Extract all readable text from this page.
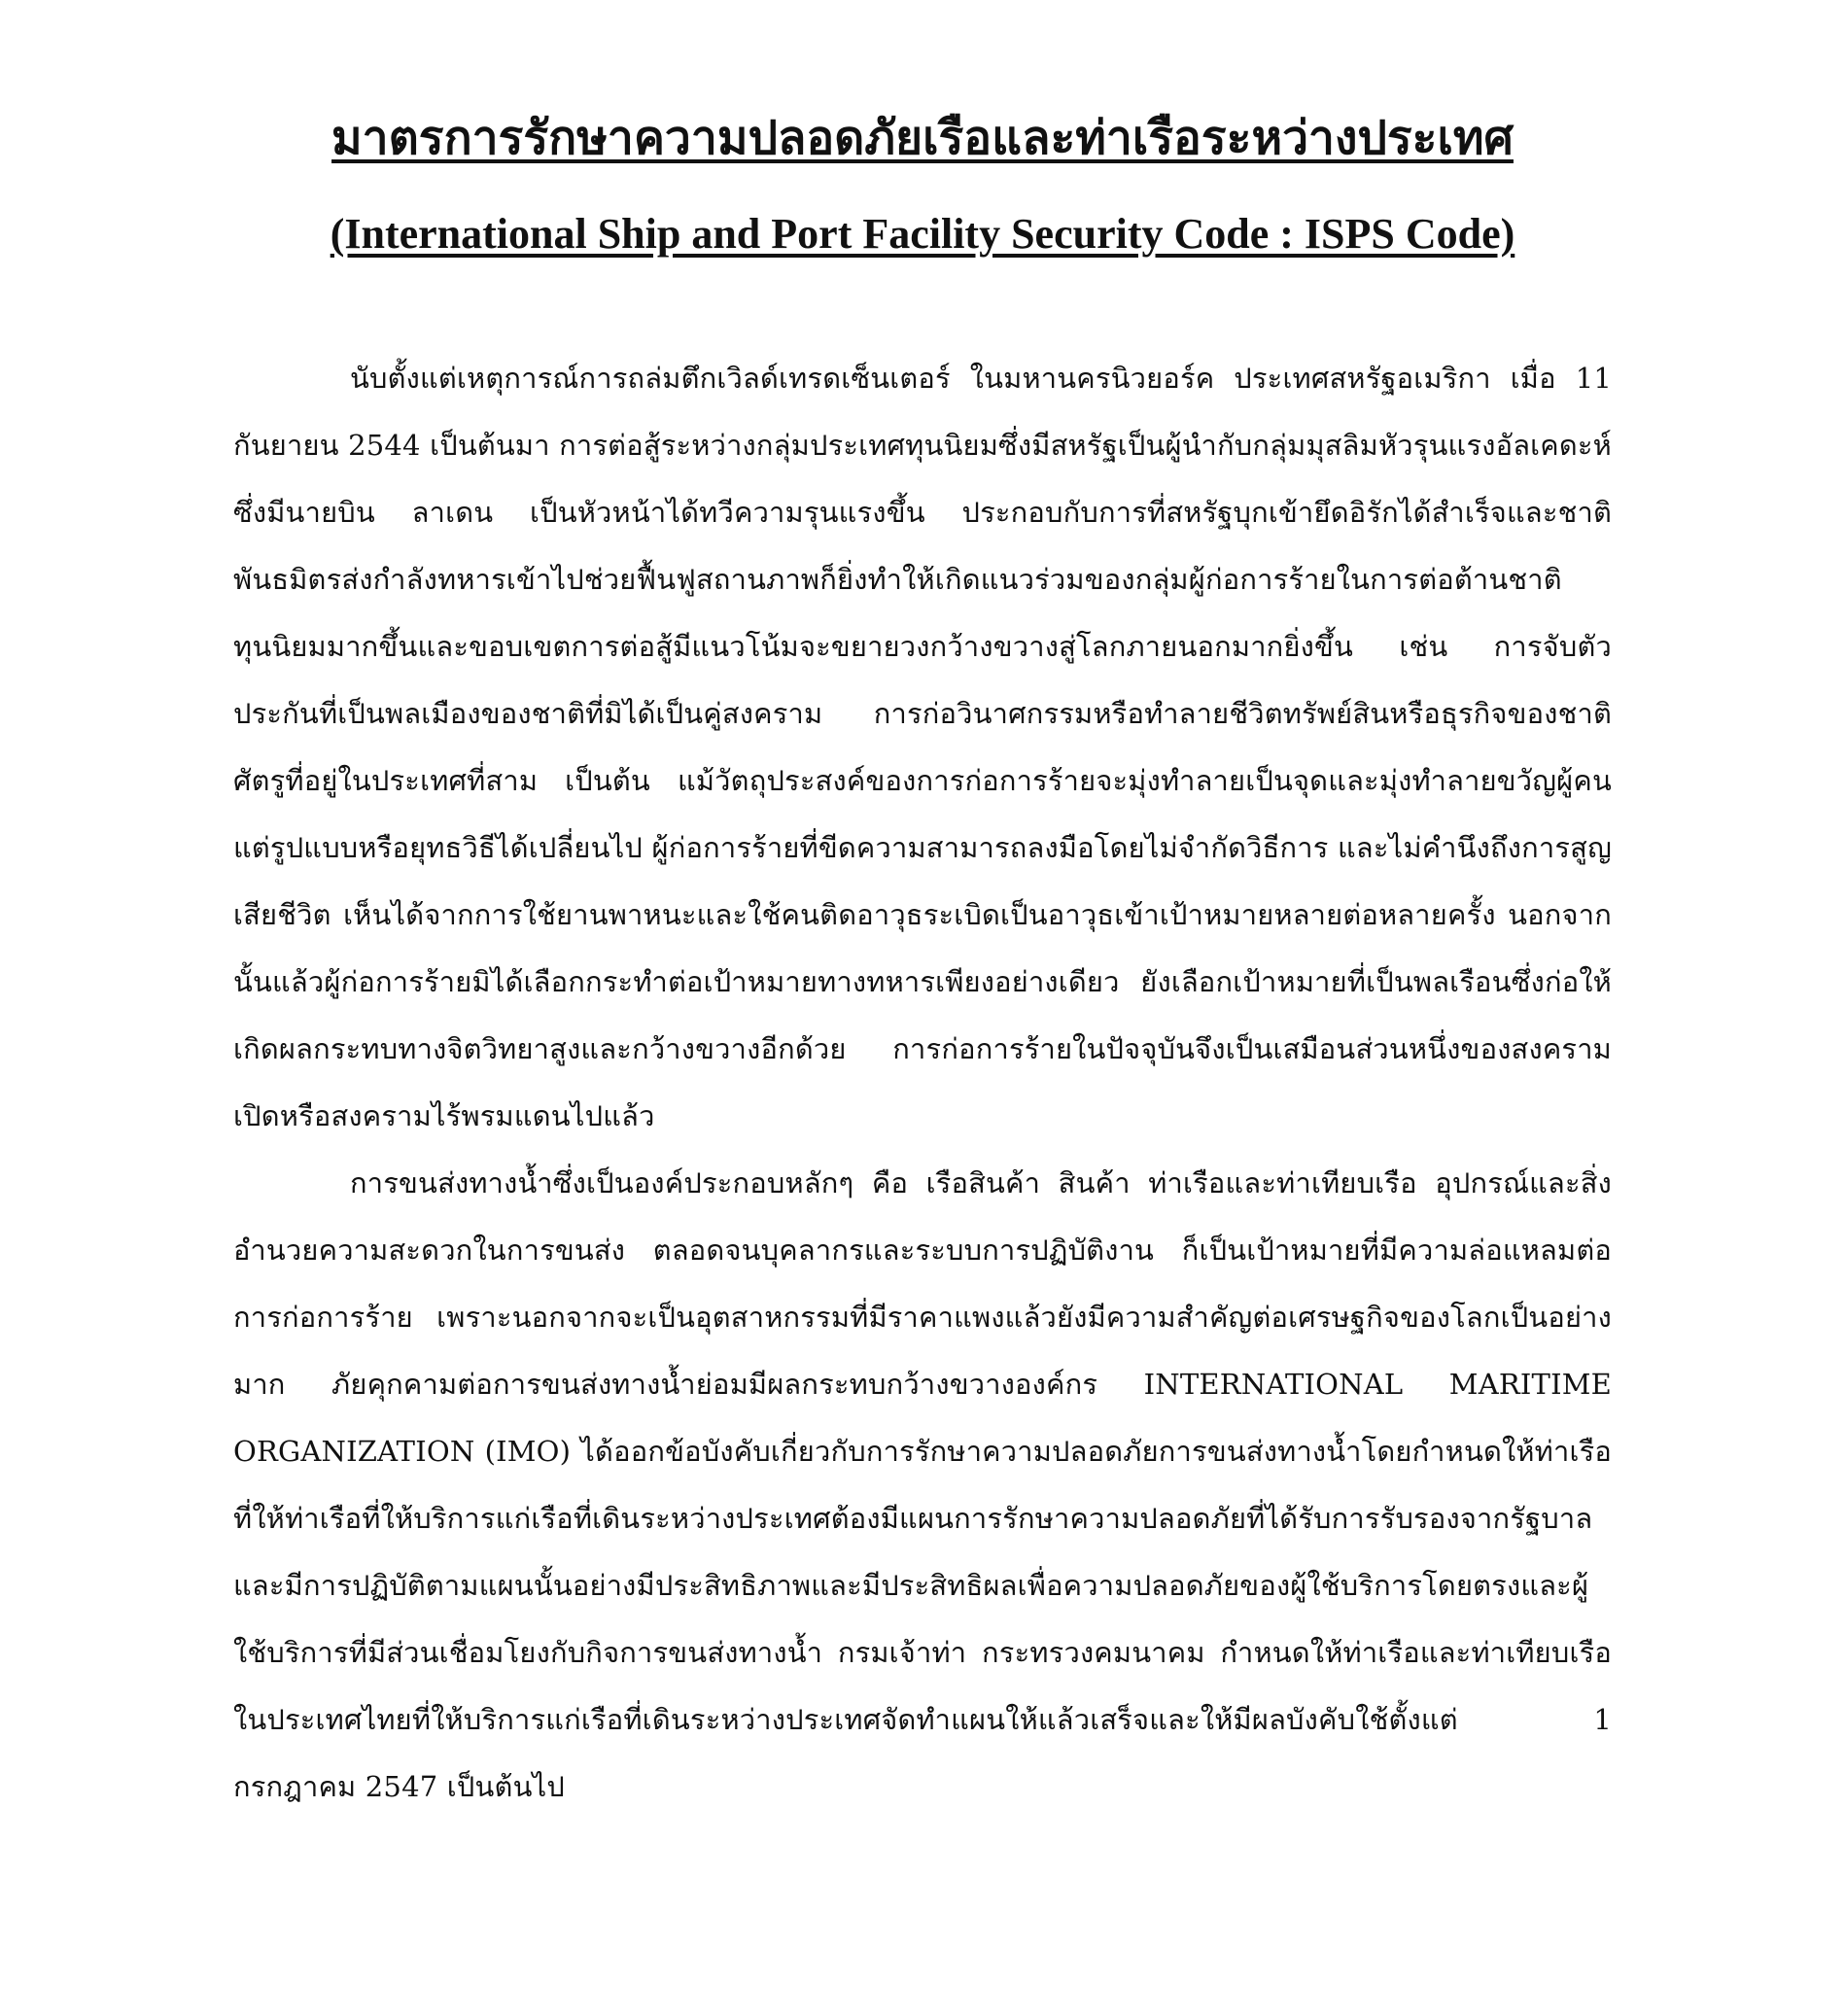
มาตรการรักษาความปลอดภัยเรือและท่าเรือระหว่างประเทศ
(International Ship and Port Facility Security Code : ISPS Code)

นับตั้งแต่เหตุการณ์การถล่มตึกเวิลด์เทรดเซ็นเตอร์ ในมหานครนิวยอร์ค ประเทศสหรัฐอเมริกา เมื่อ 11 กันยายน 2544 เป็นต้นมา การต่อสู้ระหว่างกลุ่มประเทศทุนนิยมซึ่งมีสหรัฐเป็นผู้นำกับกลุ่มมุสลิมหัวรุนแรงอัลเคดะห์ซึ่งมีนายบิน ลาเดน เป็นหัวหน้าได้ทวีความรุนแรงขึ้น ประกอบกับการที่สหรัฐบุกเข้ายึดอิรักได้สำเร็จและชาติพันธมิตรส่งกำลังทหารเข้าไปช่วยฟื้นฟูสถานภาพก็ยิ่งทำให้เกิดแนวร่วมของกลุ่มผู้ก่อการร้ายในการต่อต้านชาติทุนนิยมมากขึ้นและขอบเขตการต่อสู้มีแนวโน้มจะขยายวงกว้างขวางสู่โลกภายนอกมากยิ่งขึ้น เช่น การจับตัวประกันที่เป็นพลเมืองของชาติที่มิได้เป็นคู่สงคราม การก่อวินาศกรรมหรือทำลายชีวิตทรัพย์สินหรือธุรกิจของชาติศัตรูที่อยู่ในประเทศที่สาม เป็นต้น แม้วัตถุประสงค์ของการก่อการร้ายจะมุ่งทำลายเป็นจุดและมุ่งทำลายขวัญผู้คน แต่รูปแบบหรือยุทธวิธีได้เปลี่ยนไป ผู้ก่อการร้ายที่ขีดความสามารถลงมือโดยไม่จำกัดวิธีการ และไม่คำนึงถึงการสูญเสียชีวิต เห็นได้จากการใช้ยานพาหนะและใช้คนติดอาวุธระเบิดเป็นอาวุธเข้าเป้าหมายหลายต่อหลายครั้ง นอกจากนั้นแล้วผู้ก่อการร้ายมิได้เลือกกระทำต่อเป้าหมายทางทหารเพียงอย่างเดียว ยังเลือกเป้าหมายที่เป็นพลเรือนซึ่งก่อให้เกิดผลกระทบทางจิตวิทยาสูงและกว้างขวางอีกด้วย การก่อการร้ายในปัจจุบันจึงเป็นเสมือนส่วนหนึ่งของสงครามเปิดหรือสงครามไร้พรมแดนไปแล้ว

การขนส่งทางน้ำซึ่งเป็นองค์ประกอบหลักๆ คือ เรือสินค้า สินค้า ท่าเรือและท่าเทียบเรือ อุปกรณ์และสิ่งอำนวยความสะดวกในการขนส่ง ตลอดจนบุคลากรและระบบการปฏิบัติงาน ก็เป็นเป้าหมายที่มีความล่อแหลมต่อการก่อการร้าย เพราะนอกจากจะเป็นอุตสาหกรรมที่มีราคาแพงแล้วยังมีความสำคัญต่อเศรษฐกิจของโลกเป็นอย่างมาก ภัยคุกคามต่อการขนส่งทางน้ำย่อมมีผลกระทบกว้างขวางองค์กร INTERNATIONAL MARITIME ORGANIZATION (IMO) ได้ออกข้อบังคับเกี่ยวกับการรักษาความปลอดภัยการขนส่งทางน้ำโดยกำหนดให้ท่าเรือที่ให้ท่าเรือที่ให้บริการแก่เรือที่เดินระหว่างประเทศต้องมีแผนการรักษาความปลอดภัยที่ได้รับการรับรองจากรัฐบาลและมีการปฏิบัติตามแผนนั้นอย่างมีประสิทธิภาพและมีประสิทธิผลเพื่อความปลอดภัยของผู้ใช้บริการโดยตรงและผู้ใช้บริการที่มีส่วนเชื่อมโยงกับกิจการขนส่งทางน้ำ กรมเจ้าท่า กระทรวงคมนาคม กำหนดให้ท่าเรือและท่าเทียบเรือในประเทศไทยที่ให้บริการแก่เรือที่เดินระหว่างประเทศจัดทำแผนให้แล้วเสร็จและให้มีผลบังคับใช้ตั้งแต่ 1 กรกฎาคม 2547 เป็นต้นไป
